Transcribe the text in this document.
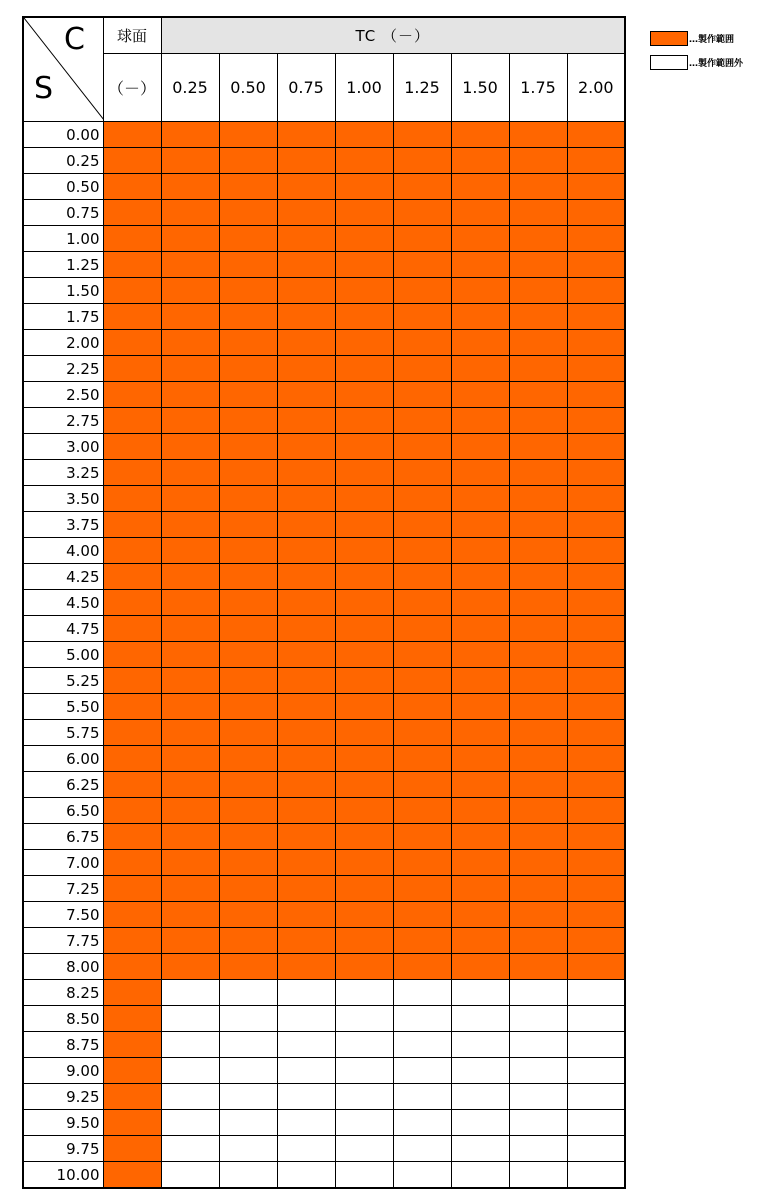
C
S	球面	TC （－）							
	（－）	0.25	0.50	0.75	1.00	1.25	1.50	1.75	2.00
0.00									
0.25									
0.50									
0.75									
1.00									
1.25									
1.50									
1.75									
2.00									
2.25									
2.50									
2.75									
3.00									
3.25									
3.50									
3.75									
4.00									
4.25									
4.50									
4.75									
5.00									
5.25									
5.50									
5.75									
6.00									
6.25									
6.50									
6.75									
7.00									
7.25									
7.50									
7.75									
8.00									
8.25									
8.50									
8.75									
9.00									
9.25									
9.50									
9.75									
10.00									
…製作範囲
…製作範囲外
